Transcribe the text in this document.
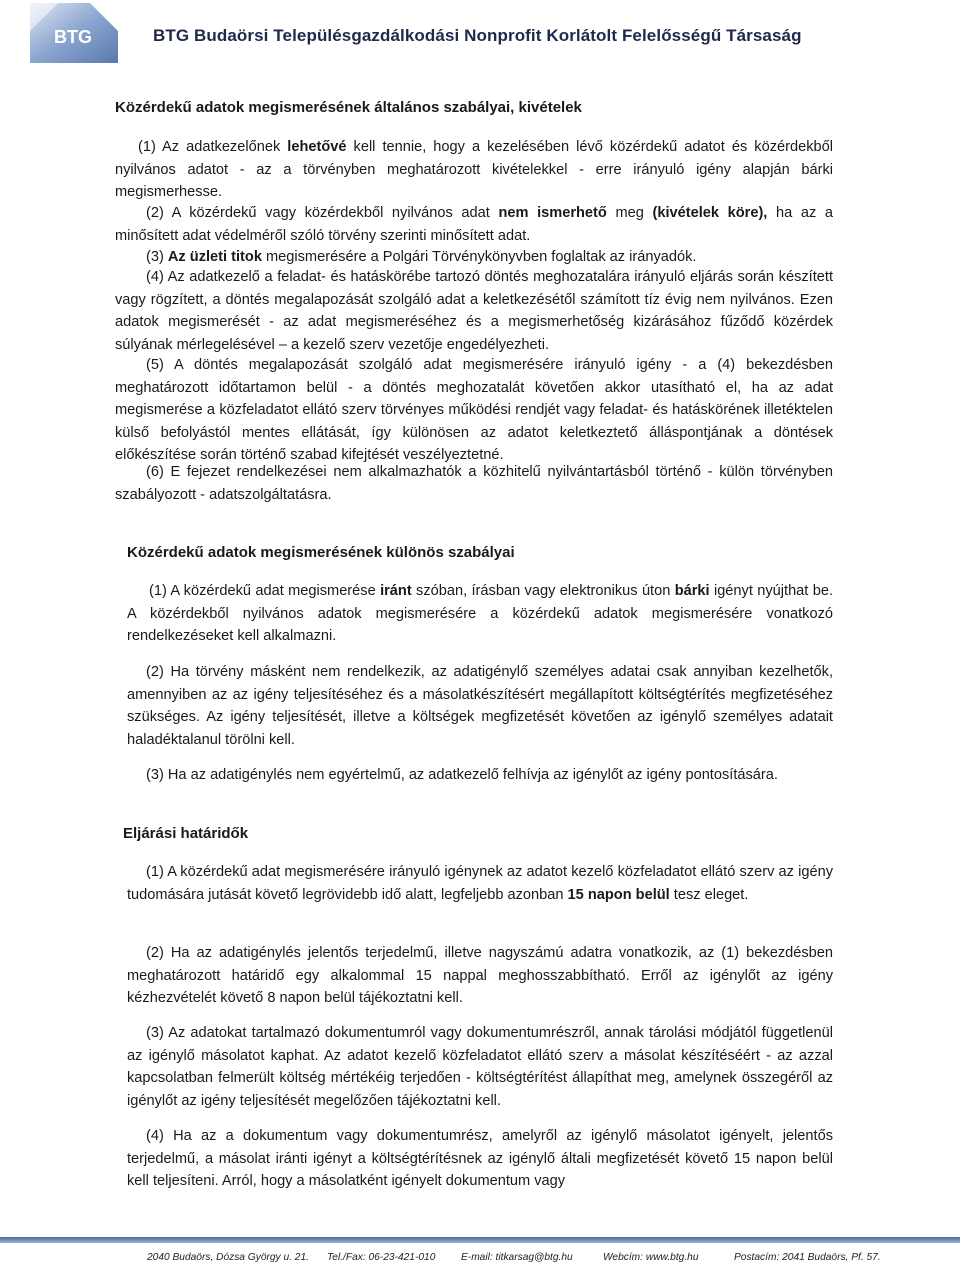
BTG	BTG Budaörsi Településgazdálkodási Nonprofit Korlátolt Felelősségű Társaság
Közérdekű adatok megismerésének általános szabályai, kivételek
(1) Az adatkezelőnek lehetővé kell tennie, hogy a kezelésében lévő közérdekű adatot és közérdekből nyilvános adatot - az a törvényben meghatározott kivételekkel - erre irányuló igény alapján bárki megismerhesse.
(2) A közérdekű vagy közérdekből nyilvános adat nem ismerhető meg (kivételek köre), ha az a minősített adat védelméről szóló törvény szerinti minősített adat.
(3) Az üzleti titok megismerésére a Polgári Törvénykönyvben foglaltak az irányadók.
(4) Az adatkezelő a feladat- és hatáskörébe tartozó döntés meghozatalára irányuló eljárás során készített vagy rögzített, a döntés megalapozását szolgáló adat a keletkezésétől számított tíz évig nem nyilvános. Ezen adatok megismerését - az adat megismeréséhez és a megismerhetőség kizárásához fűződő közérdek súlyának mérlegelésével – a kezelő szerv vezetője engedélyezheti.
(5) A döntés megalapozását szolgáló adat megismerésére irányuló igény - a (4) bekezdésben meghatározott időtartamon belül - a döntés meghozatalát követően akkor utasítható el, ha az adat megismerése a közfeladatot ellátó szerv törvényes működési rendjét vagy feladat- és hatáskörének illetéktelen külső befolyástól mentes ellátását, így különösen az adatot keletkeztető álláspontjának a döntések előkészítése során történő szabad kifejtését veszélyeztetné.
(6) E fejezet rendelkezései nem alkalmazhatók a közhitelű nyilvántartásból történő - külön törvényben szabályozott - adatszolgáltatásra.
Közérdekű adatok megismerésének különös szabályai
(1) A közérdekű adat megismerése iránt szóban, írásban vagy elektronikus úton bárki igényt nyújthat be. A közérdekből nyilvános adatok megismerésére a közérdekű adatok megismerésére vonatkozó rendelkezéseket kell alkalmazni.
(2) Ha törvény másként nem rendelkezik, az adatigénylő személyes adatai csak annyiban kezelhetők, amennyiben az az igény teljesítéséhez és a másolatkészítésért megállapított költségtérítés megfizetéséhez szükséges. Az igény teljesítését, illetve a költségek megfizetését követően az igénylő személyes adatait haladéktalanul törölni kell.
(3) Ha az adatigénylés nem egyértelmű, az adatkezelő felhívja az igénylőt az igény pontosítására.
Eljárási határidők
(1) A közérdekű adat megismerésére irányuló igénynek az adatot kezelő közfeladatot ellátó szerv az igény tudomására jutását követő legrövidebb idő alatt, legfeljebb azonban 15 napon belül tesz eleget.
(2) Ha az adatigénylés jelentős terjedelmű, illetve nagyszámú adatra vonatkozik, az (1) bekezdésben meghatározott határidő egy alkalommal 15 nappal meghosszabbítható. Erről az igénylőt az igény kézhezvételét követő 8 napon belül tájékoztatni kell.
(3) Az adatokat tartalmazó dokumentumról vagy dokumentumrészről, annak tárolási módjától függetlenül az igénylő másolatot kaphat. Az adatot kezelő közfeladatot ellátó szerv a másolat készítéséért - az azzal kapcsolatban felmerült költség mértékéig terjedően - költségtérítést állapíthat meg, amelynek összegéről az igénylőt az igény teljesítését megelőzően tájékoztatni kell.
(4) Ha az a dokumentum vagy dokumentumrész, amelyről az igénylő másolatot igényelt, jelentős terjedelmű, a másolat iránti igényt a költségtérítésnek az igénylő általi megfizetését követő 15 napon belül kell teljesíteni. Arról, hogy a másolatként igényelt dokumentum vagy
2040 Budaörs, Dózsa György u. 21. Tel./Fax: 06-23-421-010	E-mail: titkarsag@btg.hu	Webcím: www.btg.hu	Postacím: 2041 Budaörs, Pf. 57.
